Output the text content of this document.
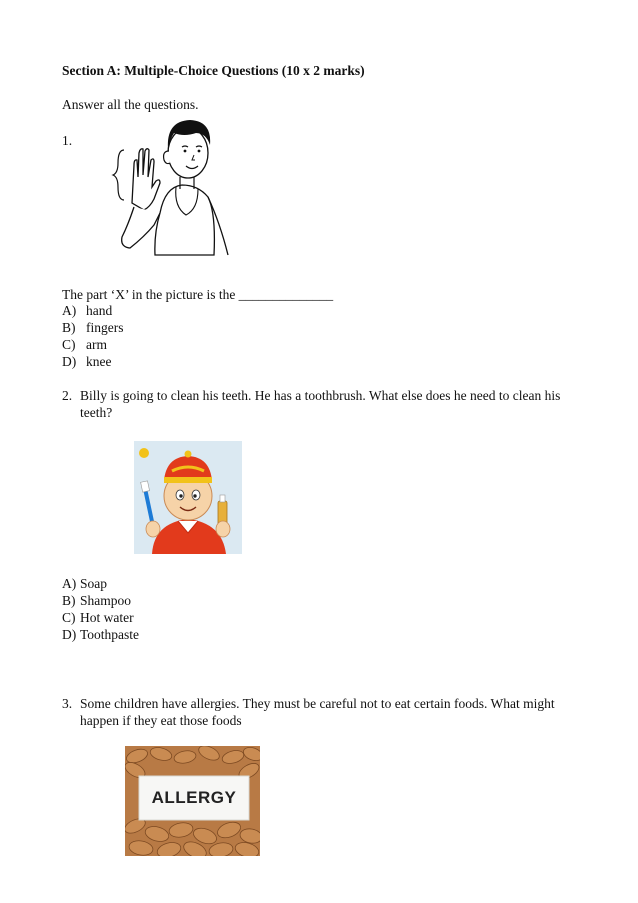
Section A: Multiple-Choice Questions (10 x 2 marks)
Answer all the questions.
1.
The part ‘X’ in the picture is the ______________
A) hand
B) fingers
C) arm
D) knee
2. Billy is going to clean his teeth. He has a toothbrush. What else does he need to clean his teeth?
A) Soap
B) Shampoo
C) Hot water
D) Toothpaste
3. Some children have allergies. They must be careful not to eat certain foods. What might happen if they eat those foods
ALLERGY
